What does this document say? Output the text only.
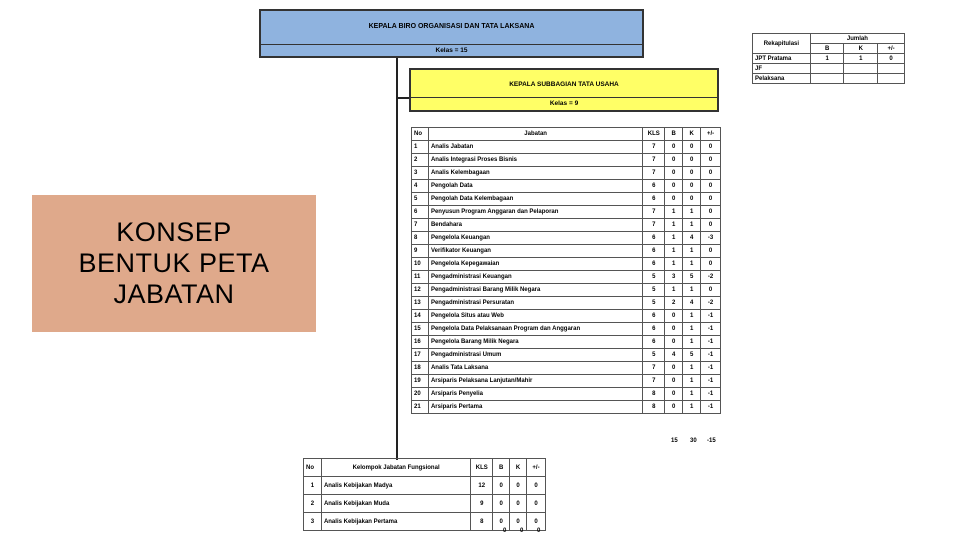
KONSEP
BENTUK PETA
JABATAN
KEPALA BIRO ORGANISASI DAN TATA LAKSANA
Kelas = 15
KEPALA SUBBAGIAN TATA USAHA
Kelas = 9
No	Jabatan	KLS	B	K	+/-
1	Analis Jabatan	7	0	0	0
2	Analis Integrasi Proses Bisnis	7	0	0	0
3	Analis Kelembagaan	7	0	0	0
4	Pengolah Data	6	0	0	0
5	Pengolah Data Kelembagaan	6	0	0	0
6	Penyusun Program Anggaran dan Pelaporan	7	1	1	0
7	Bendahara	7	1	1	0
8	Pengelola Keuangan	6	1	4	-3
9	Verifikator Keuangan	6	1	1	0
10	Pengelola Kepegawaian	6	1	1	0
11	Pengadministrasi Keuangan	5	3	5	-2
12	Pengadministrasi Barang Milik Negara	5	1	1	0
13	Pengadministrasi Persuratan	5	2	4	-2
14	Pengelola Situs atau Web	6	0	1	-1
15	Pengelola Data Pelaksanaan Program dan Anggaran	6	0	1	-1
16	Pengelola Barang Milik Negara	6	0	1	-1
17	Pengadministrasi Umum	5	4	5	-1
18	Analis Tata Laksana	7	0	1	-1
19	Arsiparis Pelaksana Lanjutan/Mahir	7	0	1	-1
20	Arsiparis Penyelia	8	0	1	-1
21	Arsiparis Pertama	8	0	1	-1
15 30 -15
Rekapitulasi	Jumlah		
	B	K	+/-
JPT Pratama	1	1	0
JF			
Pelaksana			
No	Kelompok Jabatan Fungsional	KLS	B	K	+/-
1	Analis Kebijakan Madya	12	0	0	0
2	Analis Kebijakan Muda	9	0	0	0
3	Analis Kebijakan Pertama	8	0	0	0
0 0 0
